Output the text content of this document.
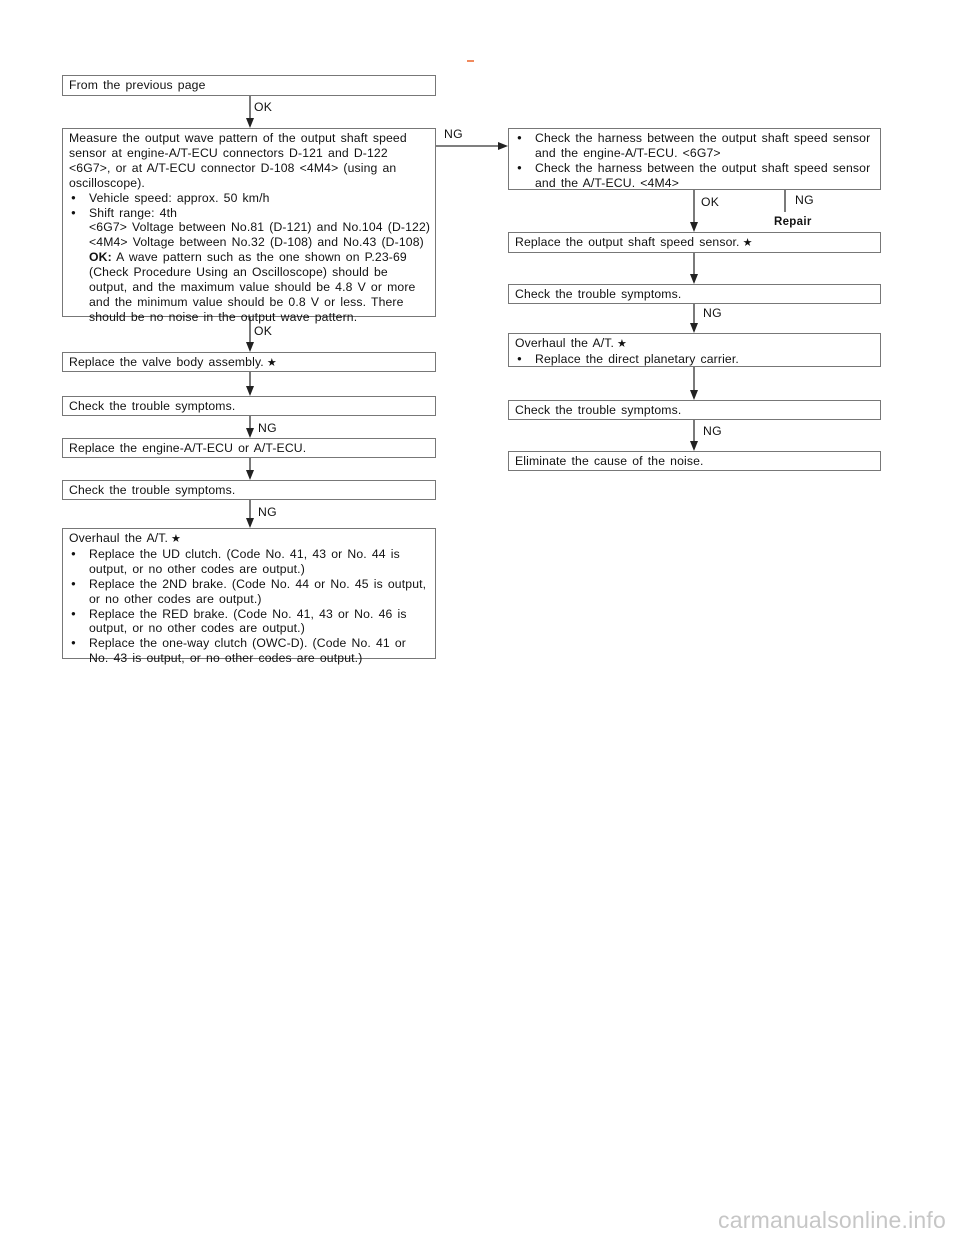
From the previous page
OK
Measure the output wave pattern of the output shaft speed
sensor at engine-A/T-ECU connectors D-121 and D-122
<6G7>, or at A/T-ECU connector D-108 <4M4> (using an
oscilloscope).
● Vehicle speed: approx. 50 km/h
● Shift range: 4th
<6G7> Voltage between No.81 (D-121) and No.104 (D-122)
<4M4> Voltage between No.32 (D-108) and No.43 (D-108)
OK: A wave pattern such as the one shown on P.23-69
(Check Procedure Using an Oscilloscope) should be
output, and the maximum value should be 4.8 V or more
and the minimum value should be 0.8 V or less. There
should be no noise in the output wave pattern.
OK
Replace the valve body assembly. ★
Check the trouble symptoms.
NG
Replace the engine-A/T-ECU or A/T-ECU.
Check the trouble symptoms.
NG
Overhaul the A/T. ★
● Replace the UD clutch. (Code No. 41, 43 or No. 44 is
output, or no other codes are output.)
● Replace the 2ND brake. (Code No. 44 or No. 45 is output,
or no other codes are output.)
● Replace the RED brake. (Code No. 41, 43 or No. 46 is
output, or no other codes are output.)
● Replace the one-way clutch (OWC-D). (Code No. 41 or
No. 43 is output, or no other codes are output.)
NG
●	Check the harness between the output shaft speed sensor
and the engine-A/T-ECU. <6G7>
● Check the harness between the output shaft speed sensor
and the A/T-ECU. <4M4>
OK	NG
Repair
Replace the output shaft speed sensor. ★
Check the trouble symptoms.
NG
Overhaul the A/T. ★
● Replace the direct planetary carrier.
Check the trouble symptoms.
NG
Eliminate the cause of the noise.
carmanualsonline.info
